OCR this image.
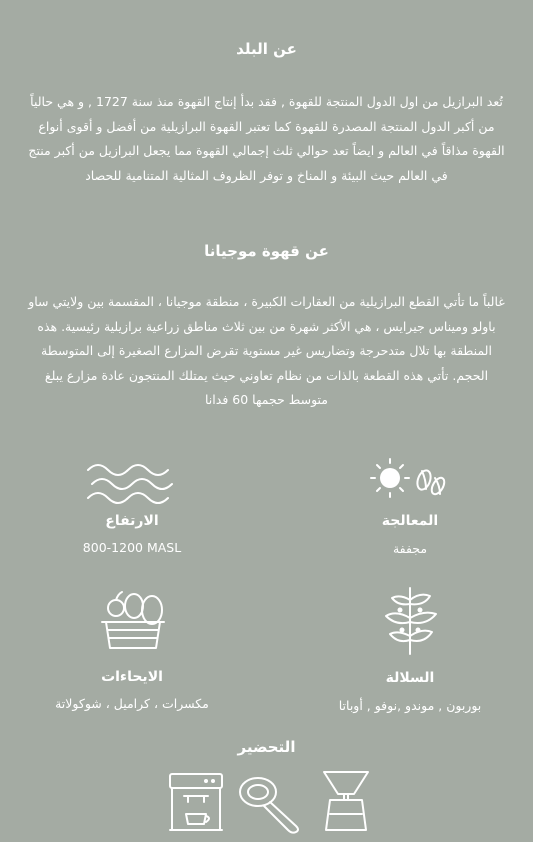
عن البلد
تُعد البرازيل من اول الدول المنتجة للقهوة , فقد بدأ إنتاج القهوة منذ سنة 1727 , و هي حالياً من أكبر الدول المنتجة المصدرة للقهوة كما تعتبر القهوة البرازيلية من أفضل و أقوى أنواع القهوة مذاقاً في العالم و ايضاً تعد حوالي ثلث إجمالي القهوة مما يجعل البرازيل من أكبر منتج في العالم حيث البيئة و المناخ و توفر الظروف المثالية المتنامية للحصاد
عن قهوة موجيانا
غالباً ما تأتي القطع البرازيلية من العقارات الكبيرة ، منطقة موجيانا ، المقسمة بين ولايتي ساو باولو وميناس جيرايس ، هي الأكثر شهرة من بين ثلاث مناطق زراعية برازيلية رئيسية. هذه المنطقة بها تلال متدحرجة وتضاريس غير مستوية تقرض المزارع الصغيرة إلى المتوسطة الحجم. تأتي هذه القطعة بالذات من نظام تعاوني حيث يمتلك المنتجون عادة مزارع يبلغ متوسط حجمها 60 فدانا
المعالجة
مجففة
الارتفاع
800-1200 MASL
السلالة
بوربون , موندو ,نوفو , أوباتا
الايحاءات
مكسرات ، كراميل ، شوكولاتة
التحضير
